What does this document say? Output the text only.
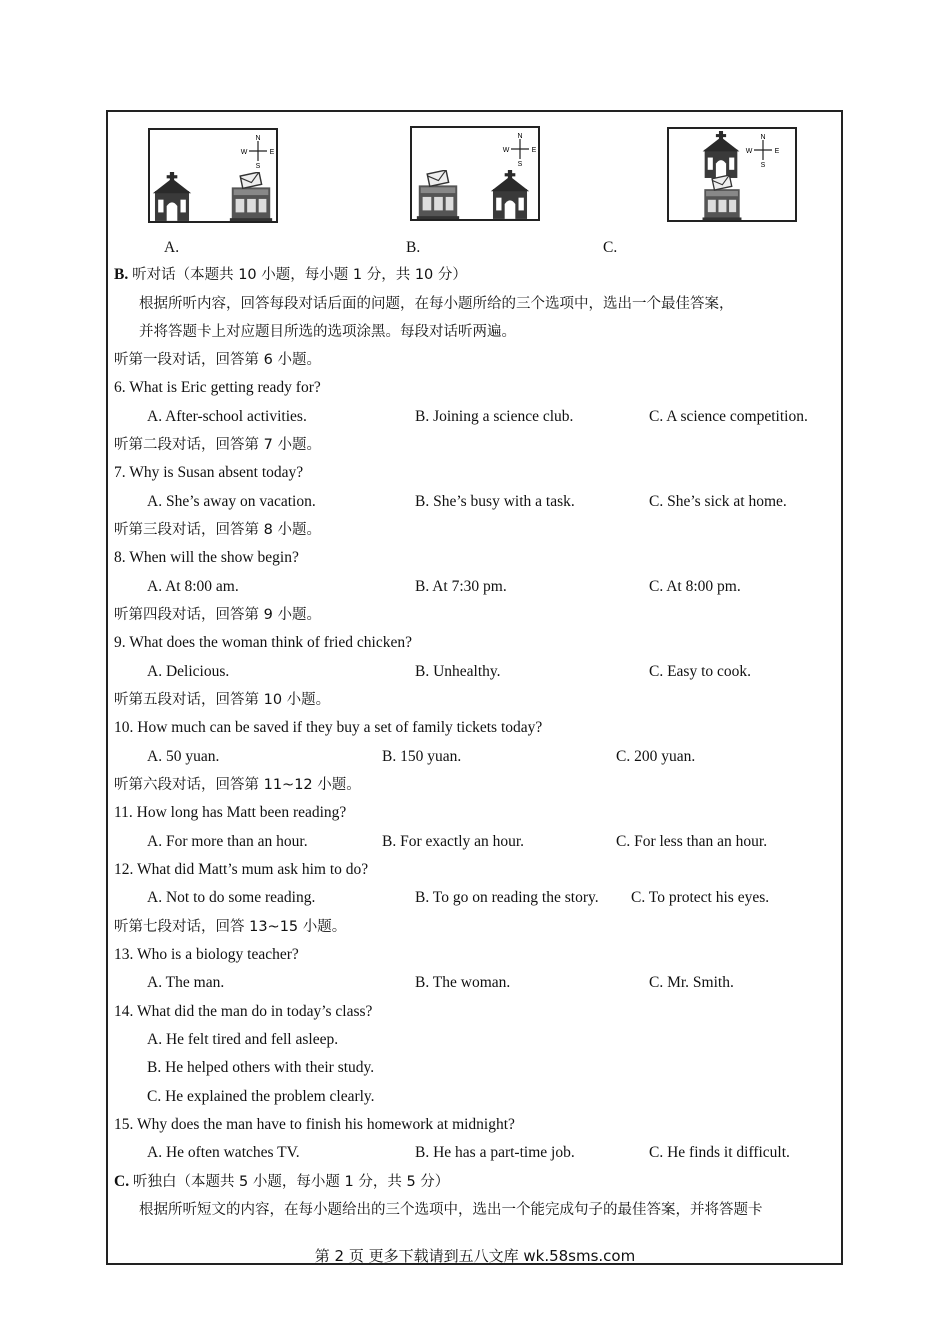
N
S
W	E
N
S
W	E
N
S
W	E
A.	B.	C.
B. 听对话（本题共 10 小题，每小题 1 分，共 10 分）
根据所听内容，回答每段对话后面的问题，在每小题所给的三个选项中，选出一个最佳答案，
并将答题卡上对应题目所选的选项涂黑。每段对话听两遍。
听第一段对话，回答第 6 小题。
6. What is Eric getting ready for?
A. After-school activities.	B. Joining a science club.	C. A science competition.
听第二段对话，回答第 7 小题。
7. Why is Susan absent today?
A. She’s away on vacation.	B. She’s busy with a task.	C. She’s sick at home.
听第三段对话，回答第 8 小题。
8. When will the show begin?
A. At 8:00 am.	B. At 7:30 pm.	C. At 8:00 pm.
听第四段对话，回答第 9 小题。
9. What does the woman think of fried chicken?
A. Delicious.	B. Unhealthy.	C. Easy to cook.
听第五段对话，回答第 10 小题。
10. How much can be saved if they buy a set of family tickets today?
A. 50 yuan.	B. 150 yuan.	C. 200 yuan.
听第六段对话，回答第 11~12 小题。
11. How long has Matt been reading?
A. For more than an hour.	B. For exactly an hour.	C. For less than an hour.
12. What did Matt’s mum ask him to do?
A. Not to do some reading.	B. To go on reading the story. C. To protect his eyes.
听第七段对话，回答 13~15 小题。
13. Who is a biology teacher?
A. The man.	B. The woman.	C. Mr. Smith.
14. What did the man do in today’s class?
A. He felt tired and fell asleep.
B. He helped others with their study.
C. He explained the problem clearly.
15. Why does the man have to finish his homework at midnight?
A. He often watches TV.	B. He has a part-time job.	C. He finds it difficult.
C. 听独白（本题共 5 小题，每小题 1 分，共 5 分）
根据所听短文的内容，在每小题给出的三个选项中，选出一个能完成句子的最佳答案，并将答题卡
第 2 页 更多下载请到五八文库 wk.58sms.com
